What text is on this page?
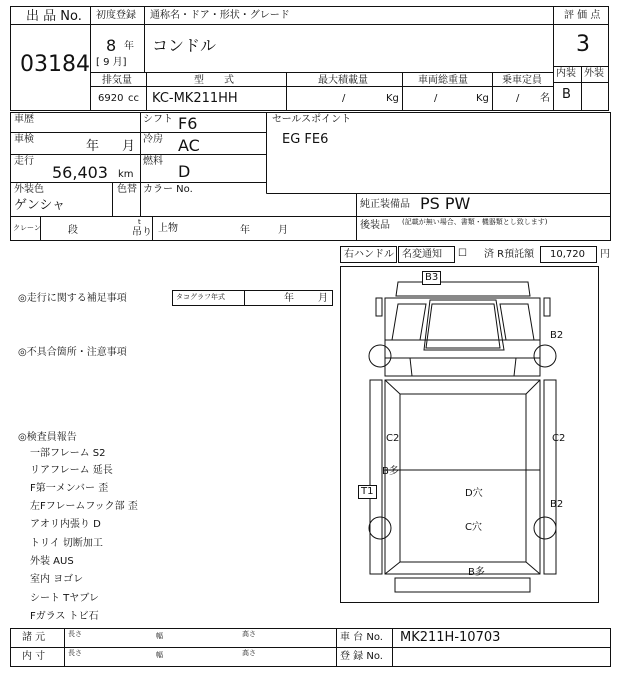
出 品 No.
03184
初度登録
8 年
[ 9 月]
通称名・ドア・形状・グレード
コンドル
評 価 点
3
内装 外装
B
排気量
6920 cc
型　　式
KC-MK211HH
最大積載量
/	Kg
車両総重量
/	Kg
乗車定員
/ 名
車歴	シフト F6
車検	年 月 冷房 AC
走行
56,403 km
燃料
D
外装色
ゲンシャ
色替 カラー No.
クレーン	段
t
吊り 上物	年	月
セールスポイント
EG FE6
純正装備品 PS PW
後装品 (記載が無い場合、書類・機器類とし致します)
右ハンドル 名変通知 ☐ 済 R預託額 10,720 円
◎走行に関する補足事項	タコグラフ年式	年 月
◎不具合箇所・注意事項
◎検査員報告
一部フレーム S2
リアフレーム 延長
F第一メンバー 歪
左Fフレームフック部 歪
アオリ内張り D
トリイ 切断加工
外装 AUS
室内 ヨゴレ
シート Tヤブレ
Fガラス トビ石
B3
B2
C2	C2
B多
T1	D穴
C穴
B2
B多
諸 元	長さ	幅	高さ
内 寸	長さ	幅	高さ
車 台 No. MK211H-10703
登 録 No.
